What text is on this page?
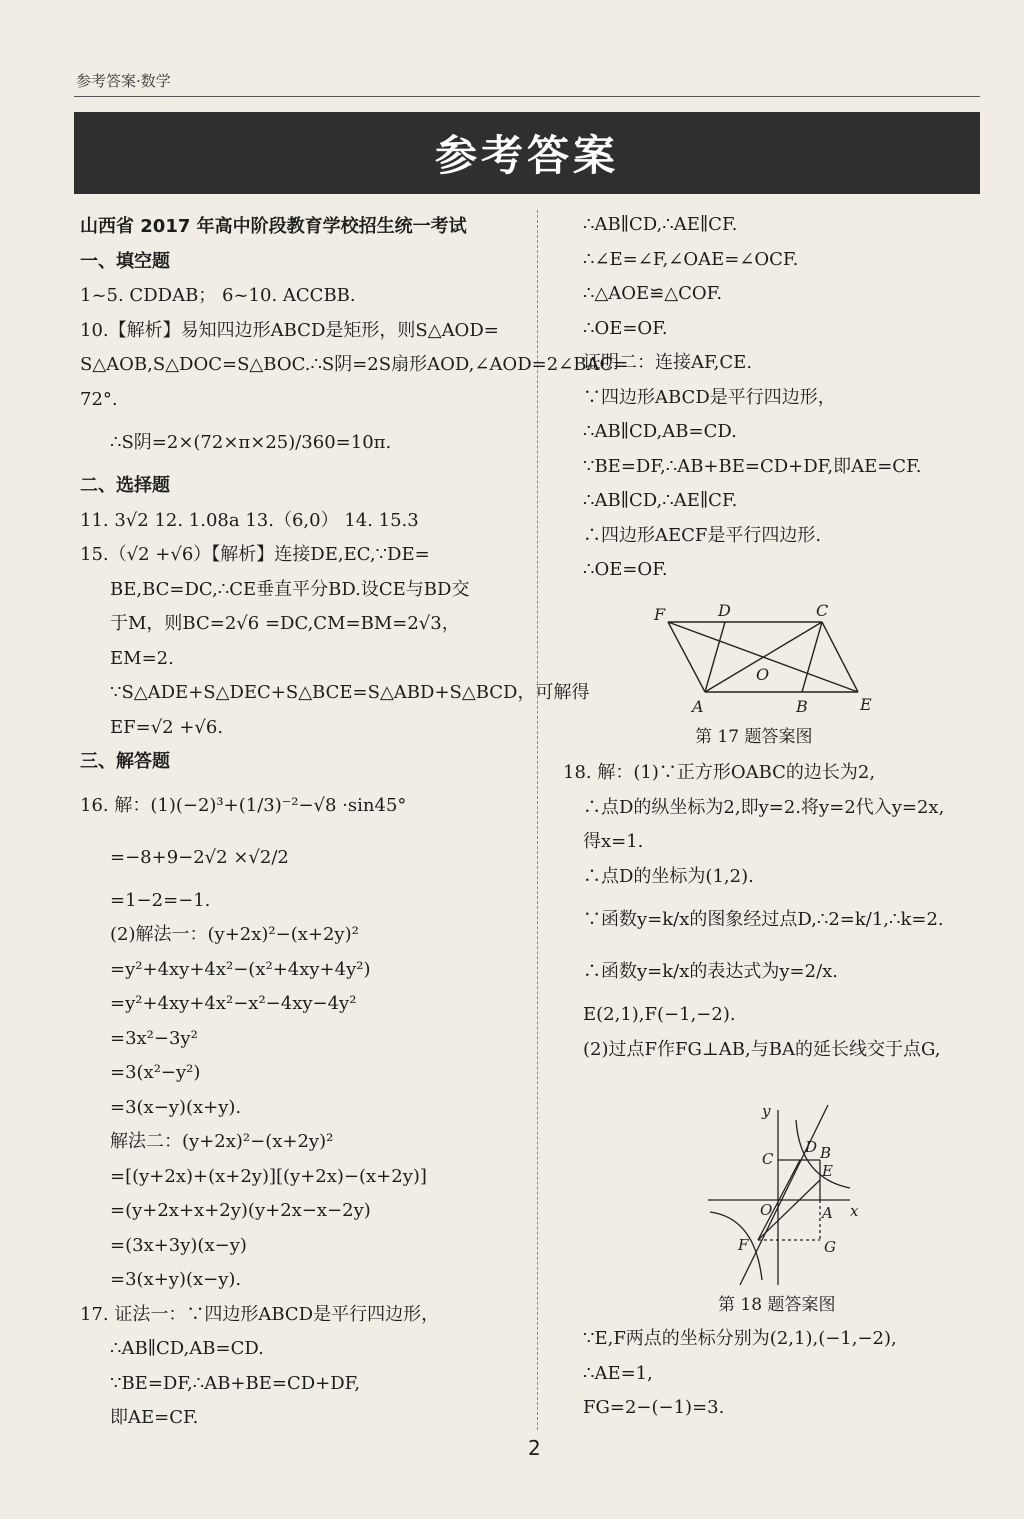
参考答案·数学
参考答案
山西省 2017 年高中阶段教育学校招生统一考试
一、填空题
1~5. CDDAB； 6~10. ACCBB.
10.【解析】易知四边形ABCD是矩形，则S△AOD=
S△AOB,S△DOC=S△BOC.∴S阴=2S扇形AOD,∠AOD=2∠BAC=
72°.
∴S阴=2×(72×π×25)/360=10π.
二、选择题
11. 3√2 12. 1.08a 13.（6,0） 14. 15.3
15.（√2 +√6）【解析】连接DE,EC,∵DE=
BE,BC=DC,∴CE垂直平分BD.设CE与BD交
于M，则BC=2√6 =DC,CM=BM=2√3，
EM=2.
∵S△ADE+S△DEC+S△BCE=S△ABD+S△BCD，可解得
EF=√2 +√6.
三、解答题
16. 解：(1)(−2)³+(1/3)⁻²−√8 ·sin45°
=−8+9−2√2 ×√2/2
=1−2=−1.
(2)解法一：(y+2x)²−(x+2y)²
=y²+4xy+4x²−(x²+4xy+4y²)
=y²+4xy+4x²−x²−4xy−4y²
=3x²−3y²
=3(x²−y²)
=3(x−y)(x+y).
解法二：(y+2x)²−(x+2y)²
=[(y+2x)+(x+2y)][(y+2x)−(x+2y)]
=(y+2x+x+2y)(y+2x−x−2y)
=(3x+3y)(x−y)
=3(x+y)(x−y).
17. 证法一：∵四边形ABCD是平行四边形，
∴AB∥CD,AB=CD.
∵BE=DF,∴AB+BE=CD+DF,
即AE=CF.
∴AB∥CD,∴AE∥CF.
∴∠E=∠F,∠OAE=∠OCF.
∴△AOE≌△COF.
∴OE=OF.
证明二：连接AF,CE.
∵四边形ABCD是平行四边形，
∴AB∥CD,AB=CD.
∵BE=DF,∴AB+BE=CD+DF,即AE=CF.
∴AB∥CD,∴AE∥CF.
∴四边形AECF是平行四边形.
∴OE=OF.
F	D	C
O
A	B	E
第 17 题答案图
18. 解：(1)∵正方形OABC的边长为2,
∴点D的纵坐标为2,即y=2.将y=2代入y=2x,
得x=1.
∴点D的坐标为(1,2).
∵函数y=k/x的图象经过点D,∴2=k/1,∴k=2.
∴函数y=k/x的表达式为y=2/x.
E(2,1),F(−1,−2).
(2)过点F作FG⊥AB,与BA的延长线交于点G,
y
C
D B
E
O	A x
F	G
第 18 题答案图
∵E,F两点的坐标分别为(2,1),(−1,−2),
∴AE=1,
FG=2−(−1)=3.
2
